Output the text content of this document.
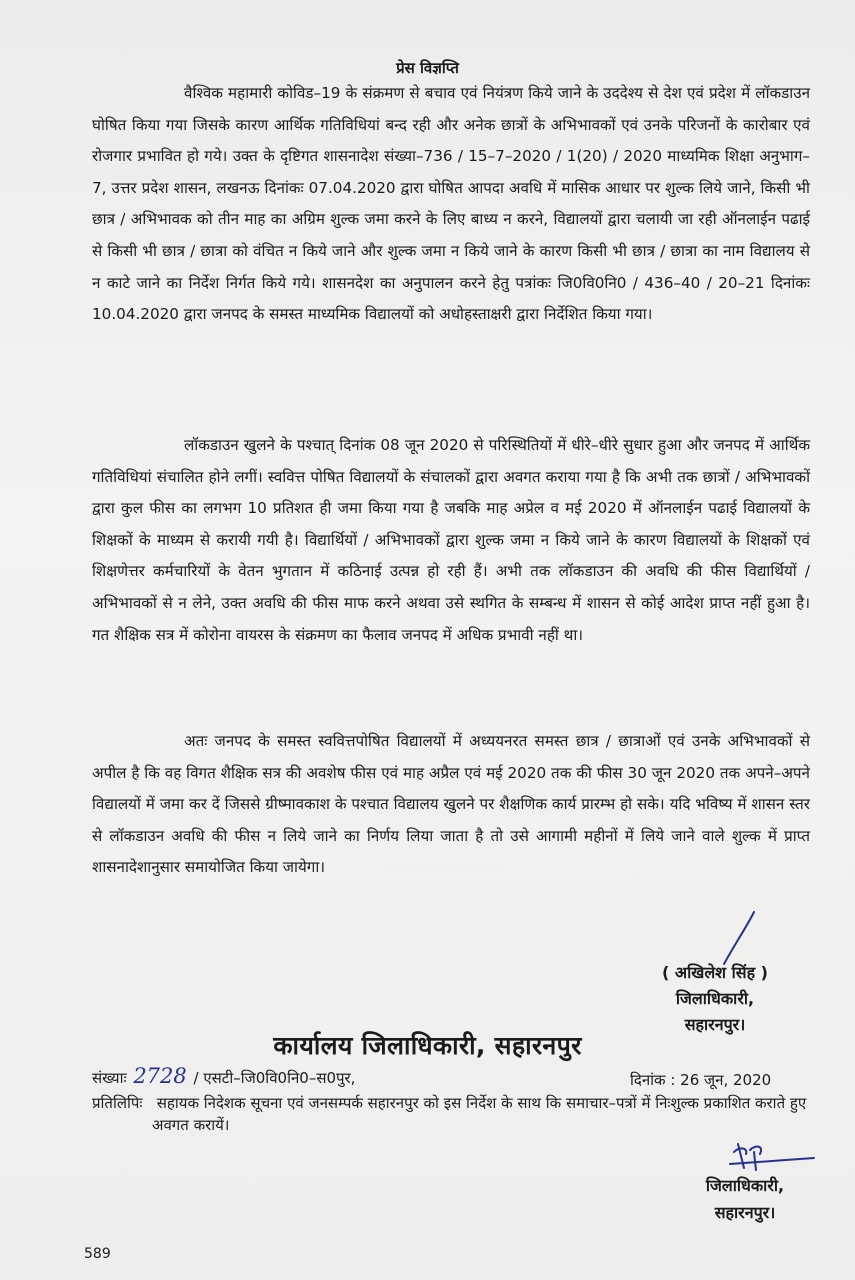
प्रेस विज्ञप्ति

वैश्विक महामारी कोविड–19 के संक्रमण से बचाव एवं नियंत्रण किये जाने के उददेश्य से देश एवं प्रदेश में लॉकडाउन घोषित किया गया जिसके कारण आर्थिक गतिविधियां बन्द रही और अनेक छात्रों के अभिभावकों एवं उनके परिजनों के कारोबार एवं रोजगार प्रभावित हो गये। उक्त के दृष्टिगत शासनादेश संख्या–736 / 15–7–2020 / 1(20) / 2020 माध्यमिक शिक्षा अनुभाग–7, उत्तर प्रदेश शासन, लखनऊ दिनांकः 07.04.2020 द्वारा घोषित आपदा अवधि में मासिक आधार पर शुल्क लिये जाने, किसी भी छात्र / अभिभावक को तीन माह का अग्रिम शुल्क जमा करने के लिए बाध्य न करने, विद्यालयों द्वारा चलायी जा रही ऑनलाईन पढाई से किसी भी छात्र / छात्रा को वंचित न किये जाने और शुल्क जमा न किये जाने के कारण किसी भी छात्र / छात्रा का नाम विद्यालय से न काटे जाने का निर्देश निर्गत किये गये। शासनदेश का अनुपालन करने हेतु पत्रांकः जि0वि0नि0 / 436–40 / 20–21 दिनांकः 10.04.2020 द्वारा जनपद के समस्त माध्यमिक विद्यालयों को अधोहस्ताक्षरी द्वारा निर्देशित किया गया।

लॉकडाउन खुलने के पश्चात् दिनांक 08 जून 2020 से परिस्थितियों में धीरे–धीरे सुधार हुआ और जनपद में आर्थिक गतिविधियां संचालित होने लगीं। स्ववित्त पोषित विद्यालयों के संचालकों द्वारा अवगत कराया गया है कि अभी तक छात्रों / अभिभावकों द्वारा कुल फीस का लगभग 10 प्रतिशत ही जमा किया गया है जबकि माह अप्रेल व मई 2020 में ऑनलाईन पढाई विद्यालयों के शिक्षकों के माध्यम से करायी गयी है। विद्यार्थियों / अभिभावकों द्वारा शुल्क जमा न किये जाने के कारण विद्यालयों के शिक्षकों एवं शिक्षणेत्तर कर्मचारियों के वेतन भुगतान में कठिनाई उत्पन्न हो रही हैं। अभी तक लॉकडाउन की अवधि की फीस विद्यार्थियों / अभिभावकों से न लेने, उक्त अवधि की फीस माफ करने अथवा उसे स्थगित के सम्बन्ध में शासन से कोई आदेश प्राप्त नहीं हुआ है। गत शैक्षिक सत्र में कोरोना वायरस के संक्रमण का फैलाव जनपद में अधिक प्रभावी नहीं था।

अतः जनपद के समस्त स्ववित्तपोषित विद्यालयों में अध्ययनरत समस्त छात्र / छात्राओं एवं उनके अभिभावकों से अपील है कि वह विगत शैक्षिक सत्र की अवशेष फीस एवं माह अप्रैल एवं मई 2020 तक की फीस 30 जून 2020 तक अपने–अपने विद्यालयों में जमा कर दें जिससे ग्रीष्मावकाश के पश्चात विद्यालय खुलने पर शैक्षणिक कार्य प्रारम्भ हो सके। यदि भविष्य में शासन स्तर से लॉकडाउन अवधि की फीस न लिये जाने का निर्णय लिया जाता है तो उसे आगामी महीनों में लिये जाने वाले शुल्क में प्राप्त शासनादेशानुसार समायोजित किया जायेगा।

( अखिलेश सिंह )
जिलाधिकारी,
सहारनपुर।
कार्यालय जिलाधिकारी, सहारनपुर
संख्याः 2728 / एसटी–जि0वि0नि0–स0पुर,	दिनांक : 26 जून, 2020

प्रतिलिपिः सहायक निदेशक सूचना एवं जनसम्पर्क सहारनपुर को इस निर्देश के साथ कि समाचार–पत्रों में निःशुल्क प्रकाशित कराते हुए अवगत करायें।

जिलाधिकारी,
सहारनपुर।
589
